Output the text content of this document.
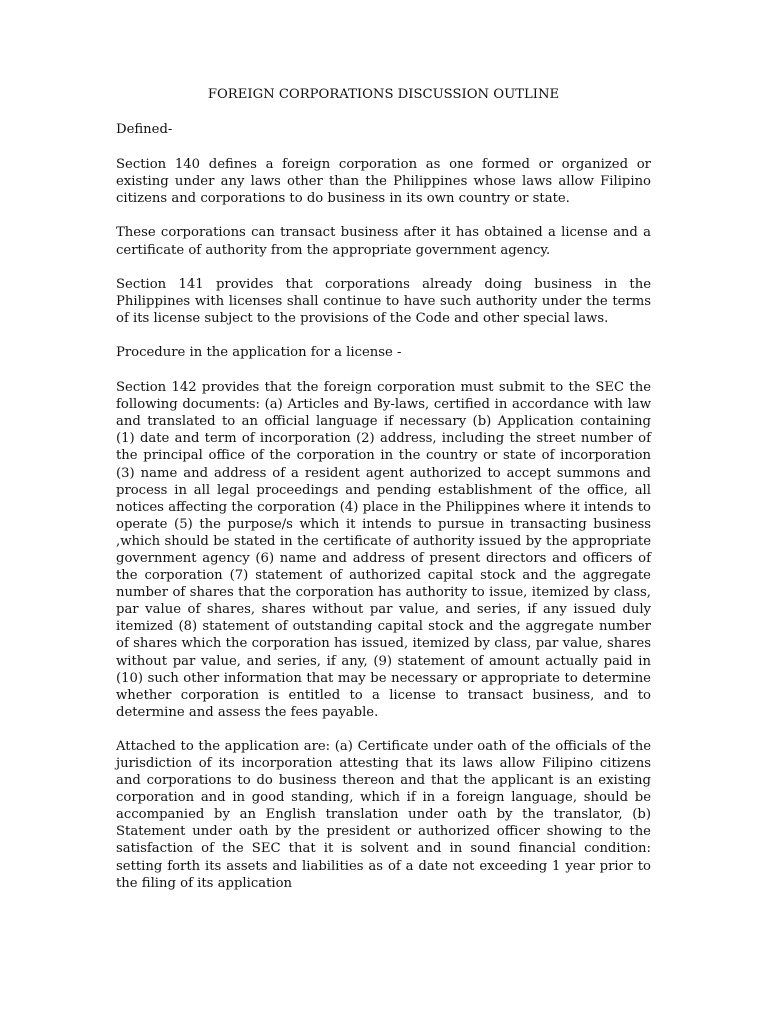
FOREIGN CORPORATIONS DISCUSSION OUTLINE
Defined-

Section 140 defines a foreign corporation as one formed or organized or existing under any laws other than the Philippines whose laws allow Filipino citizens and corporations to do business in its own country or state.

These corporations can transact business after it has obtained a license and a certificate of authority from the appropriate government agency.

Section 141 provides that corporations already doing business in the Philippines with licenses shall continue to have such authority under the terms of its license subject to the provisions of the Code and other special laws.

Procedure in the application for a license -

Section 142 provides that the foreign corporation must submit to the SEC the following documents: (a) Articles and By-laws, certified in accordance with law and translated to an official language if necessary (b) Application containing (1) date and term of incorporation (2) address, including the street number of the principal office of the corporation in the country or state of incorporation (3) name and address of a resident agent authorized to accept summons and process in all legal proceedings and pending establishment of the office, all notices affecting the corporation (4) place in the Philippines where it intends to operate (5) the purpose/s which it intends to pursue in transacting business ,which should be stated in the certificate of authority issued by the appropriate government agency (6) name and address of present directors and officers of the corporation (7) statement of authorized capital stock and the aggregate number of shares that the corporation has authority to issue, itemized by class, par value of shares, shares without par value, and series, if any issued duly itemized (8) statement of outstanding capital stock and the aggregate number of shares which the corporation has issued, itemized by class, par value, shares without par value, and series, if any, (9) statement of amount actually paid in (10) such other information that may be necessary or appropriate to determine whether corporation is entitled to a license to transact business, and to determine and assess the fees payable.

Attached to the application are: (a) Certificate under oath of the officials of the jurisdiction of its incorporation attesting that its laws allow Filipino citizens and corporations to do business thereon and that the applicant is an existing corporation and in good standing, which if in a foreign language, should be accompanied by an English translation under oath by the translator, (b) Statement under oath by the president or authorized officer showing to the satisfaction of the SEC that it is solvent and in sound financial condition: setting forth its assets and liabilities as of a date not exceeding 1 year prior to the filing of its application
